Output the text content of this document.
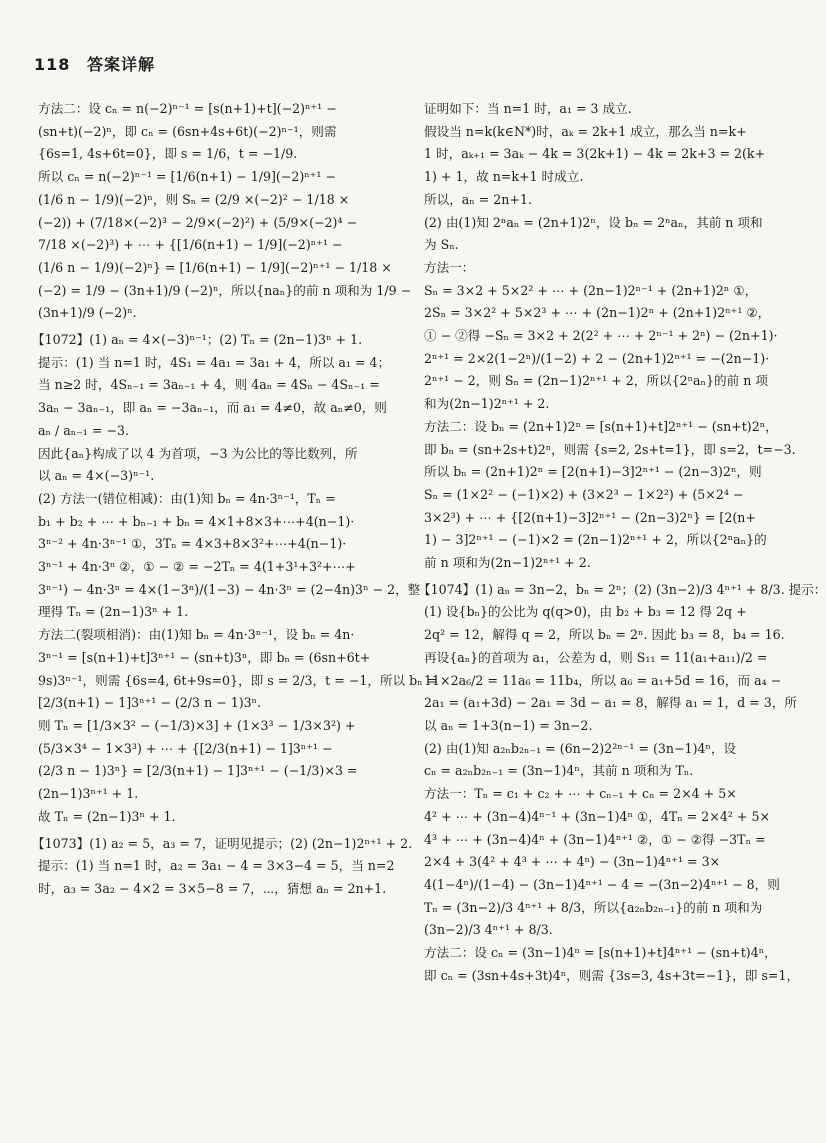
118 答案详解

方法二：设 cₙ = n(−2)ⁿ⁻¹ = [s(n+1)+t](−2)ⁿ⁺¹ −

(sn+t)(−2)ⁿ，即 cₙ = (6sn+4s+6t)(−2)ⁿ⁻¹，则需

{6s=1, 4s+6t=0}，即 s = 1/6，t = −1/9.

所以 cₙ = n(−2)ⁿ⁻¹ = [1/6(n+1) − 1/9](−2)ⁿ⁺¹ −

(1/6 n − 1/9)(−2)ⁿ，则 Sₙ = (2/9 ×(−2)² − 1/18 ×

(−2)) + (7/18×(−2)³ − 2/9×(−2)²) + (5/9×(−2)⁴ −

7/18 ×(−2)³) + ⋯ + {[1/6(n+1) − 1/9](−2)ⁿ⁺¹ −

(1/6 n − 1/9)(−2)ⁿ} = [1/6(n+1) − 1/9](−2)ⁿ⁺¹ − 1/18 ×

(−2) = 1/9 − (3n+1)/9 (−2)ⁿ，所以{naₙ}的前 n 项和为 1/9 −

(3n+1)/9 (−2)ⁿ.

【1072】(1) aₙ = 4×(−3)ⁿ⁻¹；(2) Tₙ = (2n−1)3ⁿ + 1.

提示：(1) 当 n=1 时，4S₁ = 4a₁ = 3a₁ + 4，所以 a₁ = 4；

当 n≥2 时，4Sₙ₋₁ = 3aₙ₋₁ + 4，则 4aₙ = 4Sₙ − 4Sₙ₋₁ =

3aₙ − 3aₙ₋₁，即 aₙ = −3aₙ₋₁，而 a₁ = 4≠0，故 aₙ≠0，则

aₙ / aₙ₋₁ = −3.

因此{aₙ}构成了以 4 为首项，−3 为公比的等比数列，所

以 aₙ = 4×(−3)ⁿ⁻¹.

(2) 方法一(错位相减)：由(1)知 bₙ = 4n·3ⁿ⁻¹，Tₙ =

b₁ + b₂ + ⋯ + bₙ₋₁ + bₙ = 4×1+8×3+⋯+4(n−1)·

3ⁿ⁻² + 4n·3ⁿ⁻¹ ①，3Tₙ = 4×3+8×3²+⋯+4(n−1)·

3ⁿ⁻¹ + 4n·3ⁿ ②，① − ② = −2Tₙ = 4(1+3¹+3²+⋯+

3ⁿ⁻¹) − 4n·3ⁿ = 4×(1−3ⁿ)/(1−3) − 4n·3ⁿ = (2−4n)3ⁿ − 2，整

理得 Tₙ = (2n−1)3ⁿ + 1.

方法二(裂项相消)：由(1)知 bₙ = 4n·3ⁿ⁻¹，设 bₙ = 4n·

3ⁿ⁻¹ = [s(n+1)+t]3ⁿ⁺¹ − (sn+t)3ⁿ，即 bₙ = (6sn+6t+

9s)3ⁿ⁻¹，则需 {6s=4, 6t+9s=0}，即 s = 2/3，t = −1，所以 bₙ =

[2/3(n+1) − 1]3ⁿ⁺¹ − (2/3 n − 1)3ⁿ.

则 Tₙ = [1/3×3² − (−1/3)×3] + (1×3³ − 1/3×3²) +

(5/3×3⁴ − 1×3³) + ⋯ + {[2/3(n+1) − 1]3ⁿ⁺¹ −

(2/3 n − 1)3ⁿ} = [2/3(n+1) − 1]3ⁿ⁺¹ − (−1/3)×3 =

(2n−1)3ⁿ⁺¹ + 1.

故 Tₙ = (2n−1)3ⁿ + 1.

【1073】(1) a₂ = 5，a₃ = 7，证明见提示；(2) (2n−1)2ⁿ⁺¹ + 2.

提示：(1) 当 n=1 时，a₂ = 3a₁ − 4 = 3×3−4 = 5，当 n=2

时，a₃ = 3a₂ − 4×2 = 3×5−8 = 7，⋯，猜想 aₙ = 2n+1.

证明如下：当 n=1 时，a₁ = 3 成立.

假设当 n=k(k∈N*)时，aₖ = 2k+1 成立，那么当 n=k+

1 时，aₖ₊₁ = 3aₖ − 4k = 3(2k+1) − 4k = 2k+3 = 2(k+

1) + 1，故 n=k+1 时成立.

所以，aₙ = 2n+1.

(2) 由(1)知 2ⁿaₙ = (2n+1)2ⁿ，设 bₙ = 2ⁿaₙ，其前 n 项和

为 Sₙ.

方法一：

Sₙ = 3×2 + 5×2² + ⋯ + (2n−1)2ⁿ⁻¹ + (2n+1)2ⁿ ①，

2Sₙ = 3×2² + 5×2³ + ⋯ + (2n−1)2ⁿ + (2n+1)2ⁿ⁺¹ ②，

① − ②得 −Sₙ = 3×2 + 2(2² + ⋯ + 2ⁿ⁻¹ + 2ⁿ) − (2n+1)·

2ⁿ⁺¹ = 2×2(1−2ⁿ)/(1−2) + 2 − (2n+1)2ⁿ⁺¹ = −(2n−1)·

2ⁿ⁺¹ − 2，则 Sₙ = (2n−1)2ⁿ⁺¹ + 2，所以{2ⁿaₙ}的前 n 项

和为(2n−1)2ⁿ⁺¹ + 2.

方法二：设 bₙ = (2n+1)2ⁿ = [s(n+1)+t]2ⁿ⁺¹ − (sn+t)2ⁿ，

即 bₙ = (sn+2s+t)2ⁿ，则需 {s=2, 2s+t=1}，即 s=2，t=−3.

所以 bₙ = (2n+1)2ⁿ = [2(n+1)−3]2ⁿ⁺¹ − (2n−3)2ⁿ，则

Sₙ = (1×2² − (−1)×2) + (3×2³ − 1×2²) + (5×2⁴ −

3×2³) + ⋯ + {[2(n+1)−3]2ⁿ⁺¹ − (2n−3)2ⁿ} = [2(n+

1) − 3]2ⁿ⁺¹ − (−1)×2 = (2n−1)2ⁿ⁺¹ + 2，所以{2ⁿaₙ}的

前 n 项和为(2n−1)2ⁿ⁺¹ + 2.

【1074】(1) aₙ = 3n−2，bₙ = 2ⁿ；(2) (3n−2)/3 4ⁿ⁺¹ + 8/3. 提示：

(1) 设{bₙ}的公比为 q(q>0)，由 b₂ + b₃ = 12 得 2q +

2q² = 12，解得 q = 2，所以 bₙ = 2ⁿ. 因此 b₃ = 8，b₄ = 16.

再设{aₙ}的首项为 a₁，公差为 d，则 S₁₁ = 11(a₁+a₁₁)/2 =

11×2a₆/2 = 11a₆ = 11b₄，所以 a₆ = a₁+5d = 16，而 a₄ −

2a₁ = (a₁+3d) − 2a₁ = 3d − a₁ = 8，解得 a₁ = 1，d = 3，所

以 aₙ = 1+3(n−1) = 3n−2.

(2) 由(1)知 a₂ₙb₂ₙ₋₁ = (6n−2)2²ⁿ⁻¹ = (3n−1)4ⁿ，设

cₙ = a₂ₙb₂ₙ₋₁ = (3n−1)4ⁿ，其前 n 项和为 Tₙ.

方法一：Tₙ = c₁ + c₂ + ⋯ + cₙ₋₁ + cₙ = 2×4 + 5×

4² + ⋯ + (3n−4)4ⁿ⁻¹ + (3n−1)4ⁿ ①，4Tₙ = 2×4² + 5×

4³ + ⋯ + (3n−4)4ⁿ + (3n−1)4ⁿ⁺¹ ②，① − ②得 −3Tₙ =

2×4 + 3(4² + 4³ + ⋯ + 4ⁿ) − (3n−1)4ⁿ⁺¹ = 3×

4(1−4ⁿ)/(1−4) − (3n−1)4ⁿ⁺¹ − 4 = −(3n−2)4ⁿ⁺¹ − 8，则

Tₙ = (3n−2)/3 4ⁿ⁺¹ + 8/3，所以{a₂ₙb₂ₙ₋₁}的前 n 项和为

(3n−2)/3 4ⁿ⁺¹ + 8/3.

方法二：设 cₙ = (3n−1)4ⁿ = [s(n+1)+t]4ⁿ⁺¹ − (sn+t)4ⁿ，

即 cₙ = (3sn+4s+3t)4ⁿ，则需 {3s=3, 4s+3t=−1}，即 s=1，
